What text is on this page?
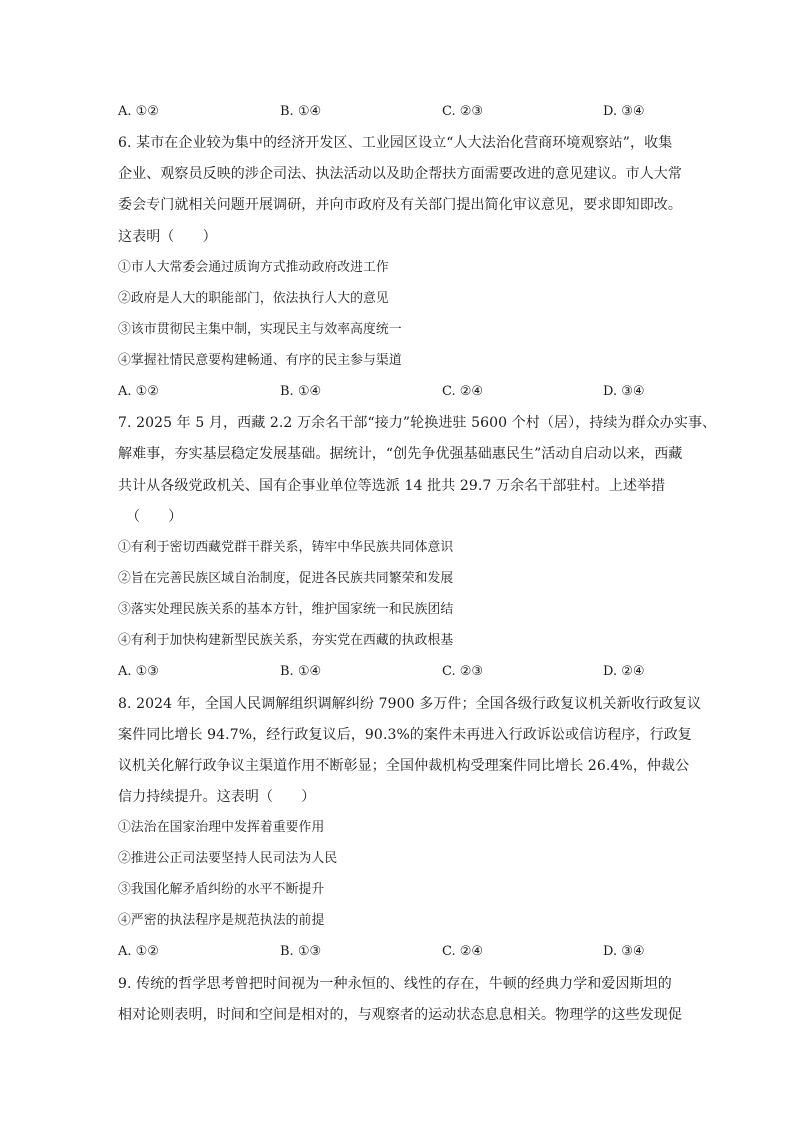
A. ①②	B. ①④	C. ②③	D. ③④
6. 某市在企业较为集中的经济开发区、工业园区设立“人大法治化营商环境观察站”，收集
企业、观察员反映的涉企司法、执法活动以及助企帮扶方面需要改进的意见建议。市人大常
委会专门就相关问题开展调研，并向市政府及有关部门提出简化审议意见，要求即知即改。
这表明（　　）
①市人大常委会通过质询方式推动政府改进工作
②政府是人大的职能部门，依法执行人大的意见
③该市贯彻民主集中制，实现民主与效率高度统一
④掌握社情民意要构建畅通、有序的民主参与渠道
A. ①②	B. ①④	C. ②④	D. ③④
7. 2025 年 5 月，西藏 2.2 万余名干部“接力”轮换进驻 5600 个村（居），持续为群众办实事、
解难事，夯实基层稳定发展基础。据统计，“创先争优强基础惠民生”活动自启动以来，西藏
共计从各级党政机关、国有企事业单位等选派 14 批共 29.7 万余名干部驻村。上述举措
（　　）
①有利于密切西藏党群干群关系，铸牢中华民族共同体意识
②旨在完善民族区域自治制度，促进各民族共同繁荣和发展
③落实处理民族关系的基本方针，维护国家统一和民族团结
④有利于加快构建新型民族关系，夯实党在西藏的执政根基
A. ①③	B. ①④	C. ②③	D. ②④
8. 2024 年，全国人民调解组织调解纠纷 7900 多万件；全国各级行政复议机关新收行政复议
案件同比增长 94.7%，经行政复议后，90.3%的案件未再进入行政诉讼或信访程序，行政复
议机关化解行政争议主渠道作用不断彰显；全国仲裁机构受理案件同比增长 26.4%，仲裁公
信力持续提升。这表明（　　）
①法治在国家治理中发挥着重要作用
②推进公正司法要坚持人民司法为人民
③我国化解矛盾纠纷的水平不断提升
④严密的执法程序是规范执法的前提
A. ①②	B. ①③	C. ②④	D. ③④
9. 传统的哲学思考曾把时间视为一种永恒的、线性的存在，牛顿的经典力学和爱因斯坦的
相对论则表明，时间和空间是相对的，与观察者的运动状态息息相关。物理学的这些发现促
